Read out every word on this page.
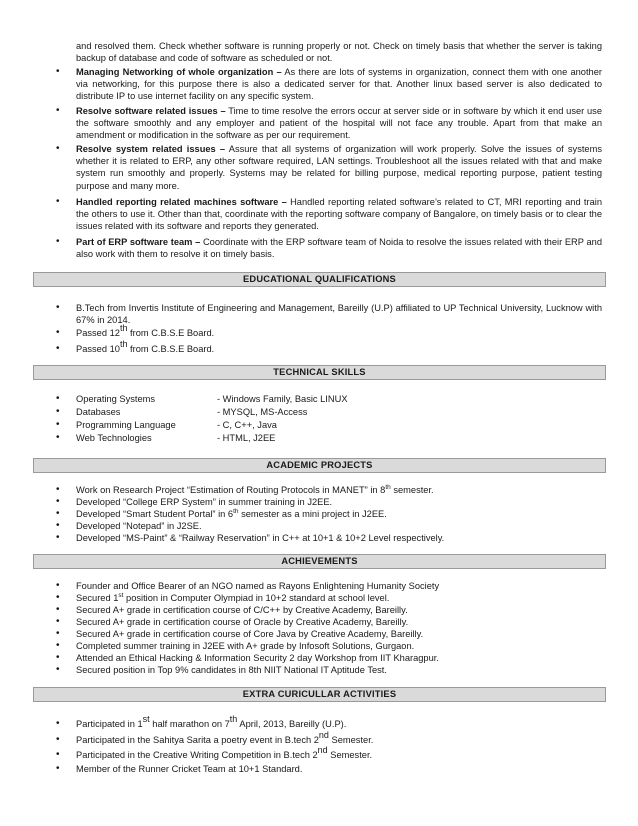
and resolved them. Check whether software is running properly or not. Check on timely basis that whether the server is taking backup of database and code of software as scheduled or not.
•	Managing Networking of whole organization – As there are lots of systems in organization, connect them with one another via networking, for this purpose there is also a dedicated server for that. Another linux based server is also dedicated to distribute IP to use internet facility on any specific system.
•	Resolve software related issues – Time to time resolve the errors occur at server side or in software by which it end user use the software smoothly and any employer and patient of the hospital will not face any trouble. Apart from that make an amendment or modification in the software as per our requirement.
•	Resolve system related issues – Assure that all systems of organization will work properly. Solve the issues of systems whether it is related to ERP, any other software required, LAN settings. Troubleshoot all the issues related with that and make system run smoothly and properly. Systems may be related for billing purpose, medical reporting purpose, patient testing purpose and many more.
•	Handled reporting related machines software – Handled reporting related software’s related to CT, MRI reporting and train the others to use it. Other than that, coordinate with the reporting software company of Bangalore, on timely basis or to clear the issues related with its software and reports they generated.
•	Part of ERP software team – Coordinate with the ERP software team of Noida to resolve the issues related with their ERP and also work with them to resolve it on timely basis.
EDUCATIONAL QUALIFICATIONS
•	B.Tech from Invertis Institute of Engineering and Management, Bareilly (U.P) affiliated to UP Technical University, Lucknow with 67% in 2014.
•	Passed 12th from C.B.S.E Board.
•	Passed 10th from C.B.S.E Board.
TECHNICAL SKILLS
•	Operating Systems	- Windows Family, Basic LINUX
•	Databases	- MYSQL, MS-Access
•	Programming Language	- C, C++, Java
•	Web Technologies	- HTML, J2EE
ACADEMIC PROJECTS
•	Work on Research Project “Estimation of Routing Protocols in MANET” in 8th semester.
•	Developed “College ERP System” in summer training in J2EE.
•	Developed “Smart Student Portal” in 6th semester as a mini project in J2EE.
•	Developed “Notepad” in J2SE.
•	Developed “MS-Paint” & “Railway Reservation” in C++ at 10+1 & 10+2 Level respectively.
ACHIEVEMENTS
•	Founder and Office Bearer of an NGO named as Rayons Enlightening Humanity Society
•	Secured 1st position in Computer Olympiad in 10+2 standard at school level.
•	Secured A+ grade in certification course of C/C++ by Creative Academy, Bareilly.
•	Secured A+ grade in certification course of Oracle by Creative Academy, Bareilly.
•	Secured A+ grade in certification course of Core Java by Creative Academy, Bareilly.
•	Completed summer training in J2EE with A+ grade by Infosoft Solutions, Gurgaon.
•	Attended an Ethical Hacking & Information Security 2 day Workshop from IIT Kharagpur.
•	Secured position in Top 9% candidates in 8th NIIT National IT Aptitude Test.
EXTRA CURICULLAR ACTIVITIES
•	Participated in 1st half marathon on 7th April, 2013, Bareilly (U.P).
•	Participated in the Sahitya Sarita a poetry event in B.tech 2nd Semester.
•	Participated in the Creative Writing Competition in B.tech 2nd Semester.
•	Member of the Runner Cricket Team at 10+1 Standard.
